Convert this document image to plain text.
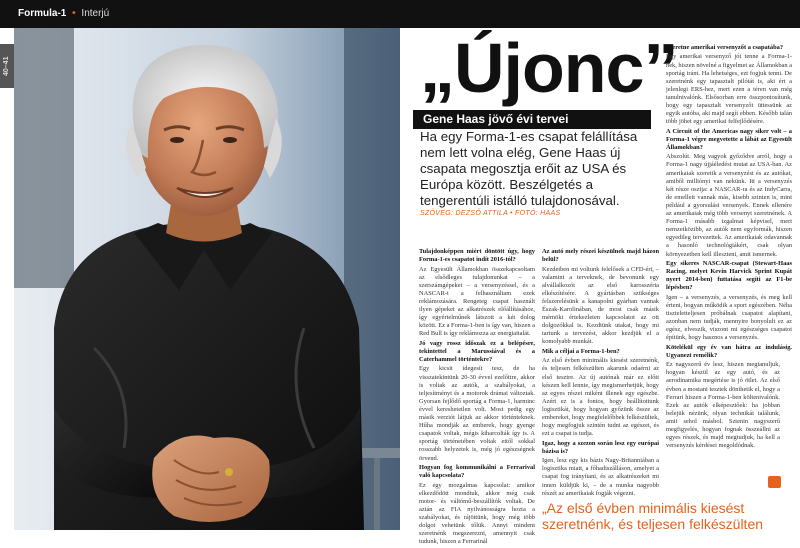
Formula-1 • Interjú
40–41	„Újonc”
Gene Haas jövő évi tervei
Ha egy Forma-1-es csapat felállítása nem lett volna elég, Gene Haas új csapata megosztja erőit az USA és Európa között. Beszélgetés a tengerentúli istálló tulajdonosával.
SZÖVEG: DEZSŐ ATTILA • FOTÓ: HAAS

Tulajdonképpen miért döntött úgy, hogy Forma-1-es csapatot indít 2016-tól?

Az Egyesült Államokban összekapcsoltam az elsődleges tulajdonunkat – a szerszámgépeket – a versenyzéssel, és a NASCAR-t a felhasználtam ezek reklámozására. Rengeteg csapat használt ilyen gépeket az alkatrészek előállításához, így egyértelműnek látszott a két dolog között. Ez a Forma-1-ben is így van, hiszen a Red Bull is így reklámozza az energiaitalát.

Jó vagy rossz időszak ez a belépésre, tekintettel a Marussiával és a Caterhammel történtekre?

Egy kicsit idegesít tesz, de ha visszatekintünk 20-30 évvel ezelőttre, akkor is voltak az autók, a szabályokat, a teljesítményt és a motorok drámai változtak. Gyorsan fejlődő sportág a Forma-1, harminc évvel kereshetetlen volt. Most pedig egy másik verziót látjuk az akkor történteknek. Hűha mondják az emberek, hogy gyenge csapatok voltak, mégis kiharcolták így is. A sportág történetében voltak ettől sokkal rosszabb helyzetek is, még jó egészségnek örvend.

Hogyan fog kommunikálni a Ferrarival való kapcsolata?

Ez egy mozgalmas kapcsolat: amikor elkezdődött mondtuk, akkor még csak motor- és váltómű-beszállítók voltak. De aztán az FIA nyilvánosságra hozta a szabályokat, és rájöttünk, hogy még több dolgot vehetünk tőlük. Annyi mindent szeretnénk megszerezni, amennyit csak tudunk, hiszen a Ferrarinál

Az autó mely részei készülnek majd házon belül?

Kezdetben mi voltunk felelősek a CFD-ért, – valamint a terveknek, de bevonunk egy alvállalkozót az első karosszéria elkészítésére. A gyártásban szükséges felszerelésünk a kanapolni gyárban vannak Észak-Karolinában, de most csak másik mérnöki értekezleten kapcsolatot az ott dolgozókkal is. Kezdtünk utakat, hogy mi tartunk a tervezést, akkor kezdjük el a komolyabb munkát.

Mik a céljai a Forma-1-ben?

Az első évben minimális kiesést szeretnénk, és teljesen felkészülten akarunk odaérni az első tesztre. Az új autónak már ez előtt készen kell lennie, így megismerhetjük, hogy az egyes részei miként illenek egy egészbe. Azért ez is a fontos, hogy beállítottunk logisztikát, hogy hogyan győzünk össze az embereket, hogy megfelelőbbek felkészültek, hogy megfogjuk szintén tudni az egészet, és ezt a csapat is tudja.

Igaz, hogy a szezon során lesz egy európai bázisa is?

Igen, lesz egy kis bázis Nagy-Britanniában a logisztika miatt, a főhadiszálláson, amelyet a csapat fog irányítani, és az alkatrészeket mi innen küldjük ki, – de a munka nagyobb részét az amerikaiak fogják végezni.

Szeretne amerikai versenyzőt a csapatába?

Egy amerikai versenyző jót tenne a Forma-1-nek, hiszen növelné a figyelmet az Államokban a sportág iránt. Ha lehetséges, ezt fogjuk tenni. De szeretnénk egy tapasztalt pilótát is, aki ért a jelenlegi ERS-hez, mert ezen a téren van még tanulnivalónk. Elsősorban erre összpontosítunk, hogy egy tapasztalt versenyzőt üttessünk az egyik autóba, aki majd segít ebben. Később talán több jöhet egy amerikai felfejlődésére.

A Circuit of the Americas nagy siker volt – a Forma-1 végre megvetette a lábát az Egyesült Államokban?

Abszolút. Meg vagyok győződve arról, hogy a Forma-1 nagy újjáéledést mutat az USA-ban. Az amerikaiak szeretik a versenyzést és az autókat, amiből milliónyi van nekünk. Itt a versenyzés két része osztja: a NASCAR-ra és az IndyCarra, de emellett vannak más, kisebb szinten is, mint például a gyorsulási versenyek. Ennek ellenére az amerikaiak még több versenyt szeretnének. A Forma-1 másabb izgalmat képvisel, mert nemzetközibb, az autók nem egyformák, hiszen egyedileg tervezettek. Az amerikaiak odavannak a hasonló technológiákért, csak olyan környezetben kell illeszteni, amit ismernek.

Egy sikeres NASCAR-csapat (Stewart-Haas Racing, melyet Kevin Harvick Sprint Kupát nyert 2014-ben) futtatása segíti az F1-be lépésben?

Igen – a versenyzés, a versenyzés, és meg kell érteni, hogyan működik a sport egészében. Néha tiszteletteljesen próbálnak csapatot alapítani, azonban nem tudják, mennyire bonyolult ez az egész, elveszik, viszont mi egészséges csapatot építünk, hogy hasznos a versenyzés.

Kötelékül egy év van hátra az indulásig. Ugyanezt remélik?

Ez nagyszerű év lesz, hiszen megtanuljuk, hogyan készül az egy autó, és az aerodinamika megértése is jó ötlet. Az első évben a mostani tesztek dönthetik el, hogy a Ferrari hiszen a Forma-1-ben költenivalónk. Ezek az autók elképesztőek: ha jobban belejük nézünk, olyan technikát találunk, amit sehol máshol. Sztenin nagyszerű megfigyelés, hogyan fognak összeállni az egyes részek, és majd megtudjuk, ha kell a versenyzés kérdései megoldódnak.

„Az első évben minimális kiesést szeretnénk, és teljesen felkészülten
